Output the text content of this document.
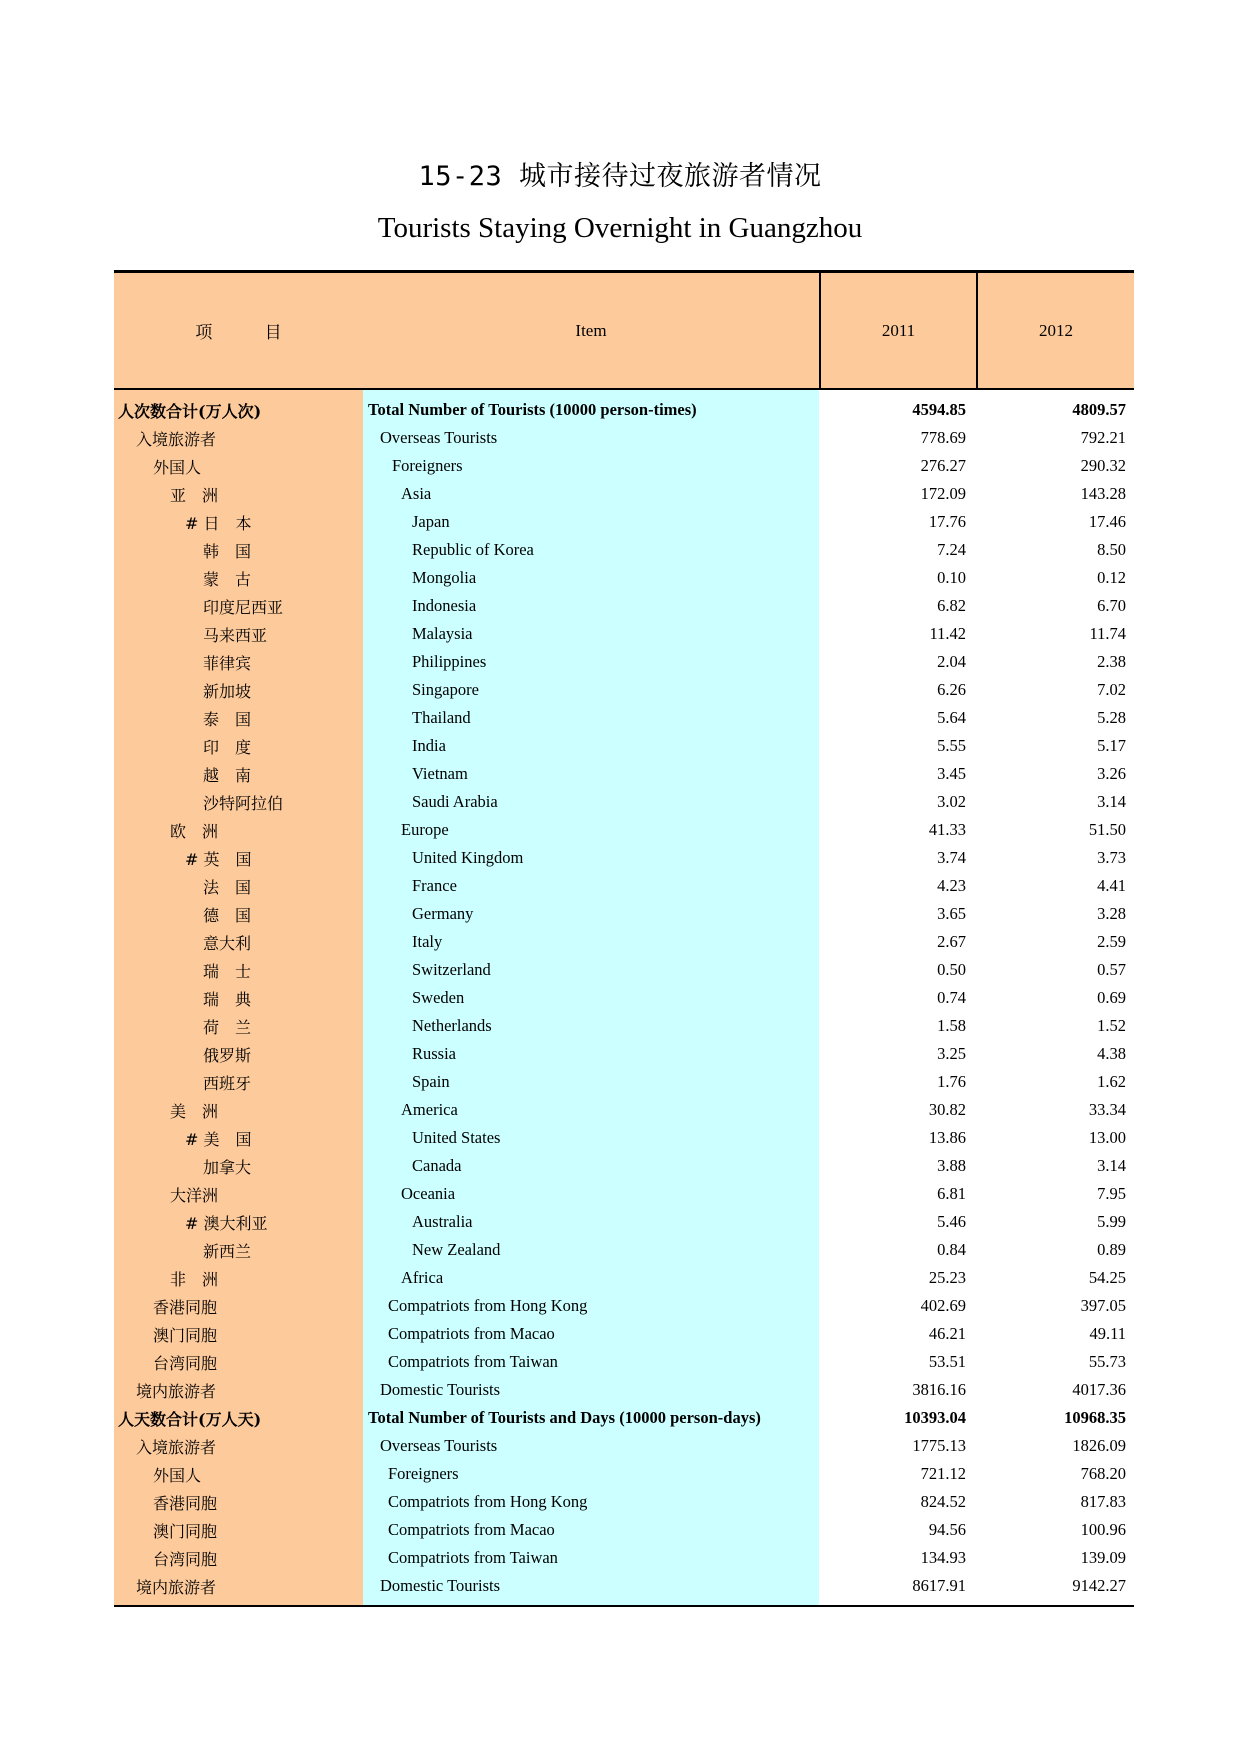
15-23 城市接待过夜旅游者情况
Tourists Staying Overnight in Guangzhou
项 目	Item	2011	2012
人次数合计(万人次)	Total Number of Tourists (10000 person-times)	4594.85	4809.57
入境旅游者	Overseas Tourists	778.69	792.21
外国人	Foreigners	276.27	290.32
亚　洲	Asia	172.09	143.28
# 日　本	Japan	17.76	17.46
韩　国	Republic of Korea	7.24	8.50
蒙　古	Mongolia	0.10	0.12
印度尼西亚	Indonesia	6.82	6.70
马来西亚	Malaysia	11.42	11.74
菲律宾	Philippines	2.04	2.38
新加坡	Singapore	6.26	7.02
泰　国	Thailand	5.64	5.28
印　度	India	5.55	5.17
越　南	Vietnam	3.45	3.26
沙特阿拉伯	Saudi Arabia	3.02	3.14
欧　洲	Europe	41.33	51.50
# 英　国	United Kingdom	3.74	3.73
法　国	France	4.23	4.41
德　国	Germany	3.65	3.28
意大利	Italy	2.67	2.59
瑞　士	Switzerland	0.50	0.57
瑞　典	Sweden	0.74	0.69
荷　兰	Netherlands	1.58	1.52
俄罗斯	Russia	3.25	4.38
西班牙	Spain	1.76	1.62
美　洲	America	30.82	33.34
# 美　国	United States	13.86	13.00
加拿大	Canada	3.88	3.14
大洋洲	Oceania	6.81	7.95
# 澳大利亚	Australia	5.46	5.99
新西兰	New Zealand	0.84	0.89
非　洲	Africa	25.23	54.25
香港同胞	Compatriots from Hong Kong	402.69	397.05
澳门同胞	Compatriots from Macao	46.21	49.11
台湾同胞	Compatriots from Taiwan	53.51	55.73
境内旅游者	Domestic Tourists	3816.16	4017.36
人天数合计(万人天)	Total Number of Tourists and Days (10000 person-days)	10393.04	10968.35
入境旅游者	Overseas Tourists	1775.13	1826.09
外国人	Foreigners	721.12	768.20
香港同胞	Compatriots from Hong Kong	824.52	817.83
澳门同胞	Compatriots from Macao	94.56	100.96
台湾同胞	Compatriots from Taiwan	134.93	139.09
境内旅游者	Domestic Tourists	8617.91	9142.27
